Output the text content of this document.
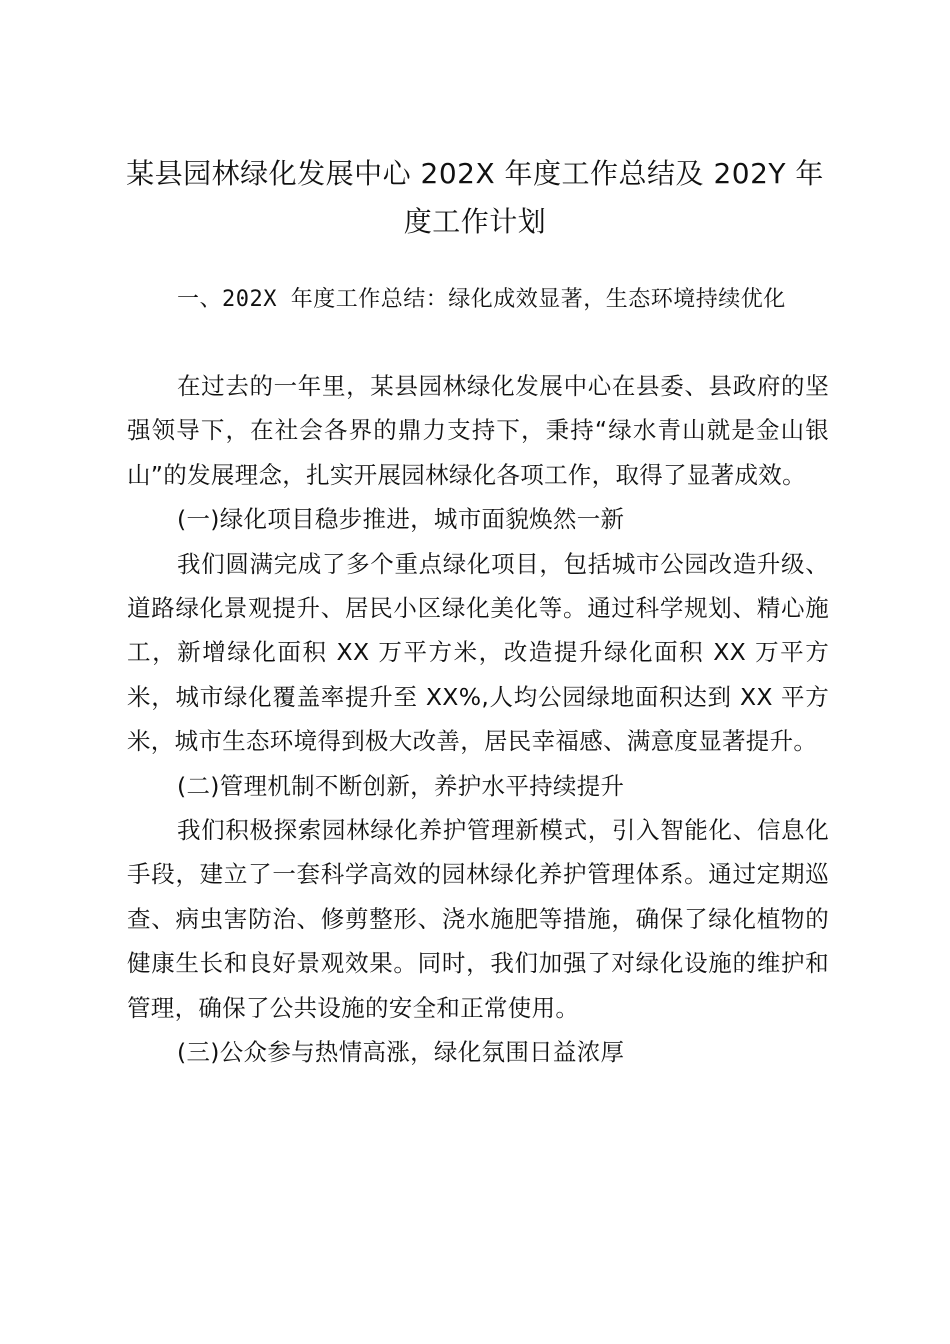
某县园林绿化发展中心 202X 年度工作总结及 202Y 年度工作计划

一、202X 年度工作总结：绿化成效显著，生态环境持续优化

在过去的一年里，某县园林绿化发展中心在县委、县政府的坚强领导下，在社会各界的鼎力支持下，秉持“绿水青山就是金山银山”的发展理念，扎实开展园林绿化各项工作，取得了显著成效。

(一)绿化项目稳步推进，城市面貌焕然一新

我们圆满完成了多个重点绿化项目，包括城市公园改造升级、道路绿化景观提升、居民小区绿化美化等。通过科学规划、精心施工，新增绿化面积 XX 万平方米，改造提升绿化面积 XX 万平方米，城市绿化覆盖率提升至 XX%,人均公园绿地面积达到 XX 平方米，城市生态环境得到极大改善，居民幸福感、满意度显著提升。

(二)管理机制不断创新，养护水平持续提升

我们积极探索园林绿化养护管理新模式，引入智能化、信息化手段，建立了一套科学高效的园林绿化养护管理体系。通过定期巡查、病虫害防治、修剪整形、浇水施肥等措施，确保了绿化植物的健康生长和良好景观效果。同时，我们加强了对绿化设施的维护和管理，确保了公共设施的安全和正常使用。

(三)公众参与热情高涨，绿化氛围日益浓厚
